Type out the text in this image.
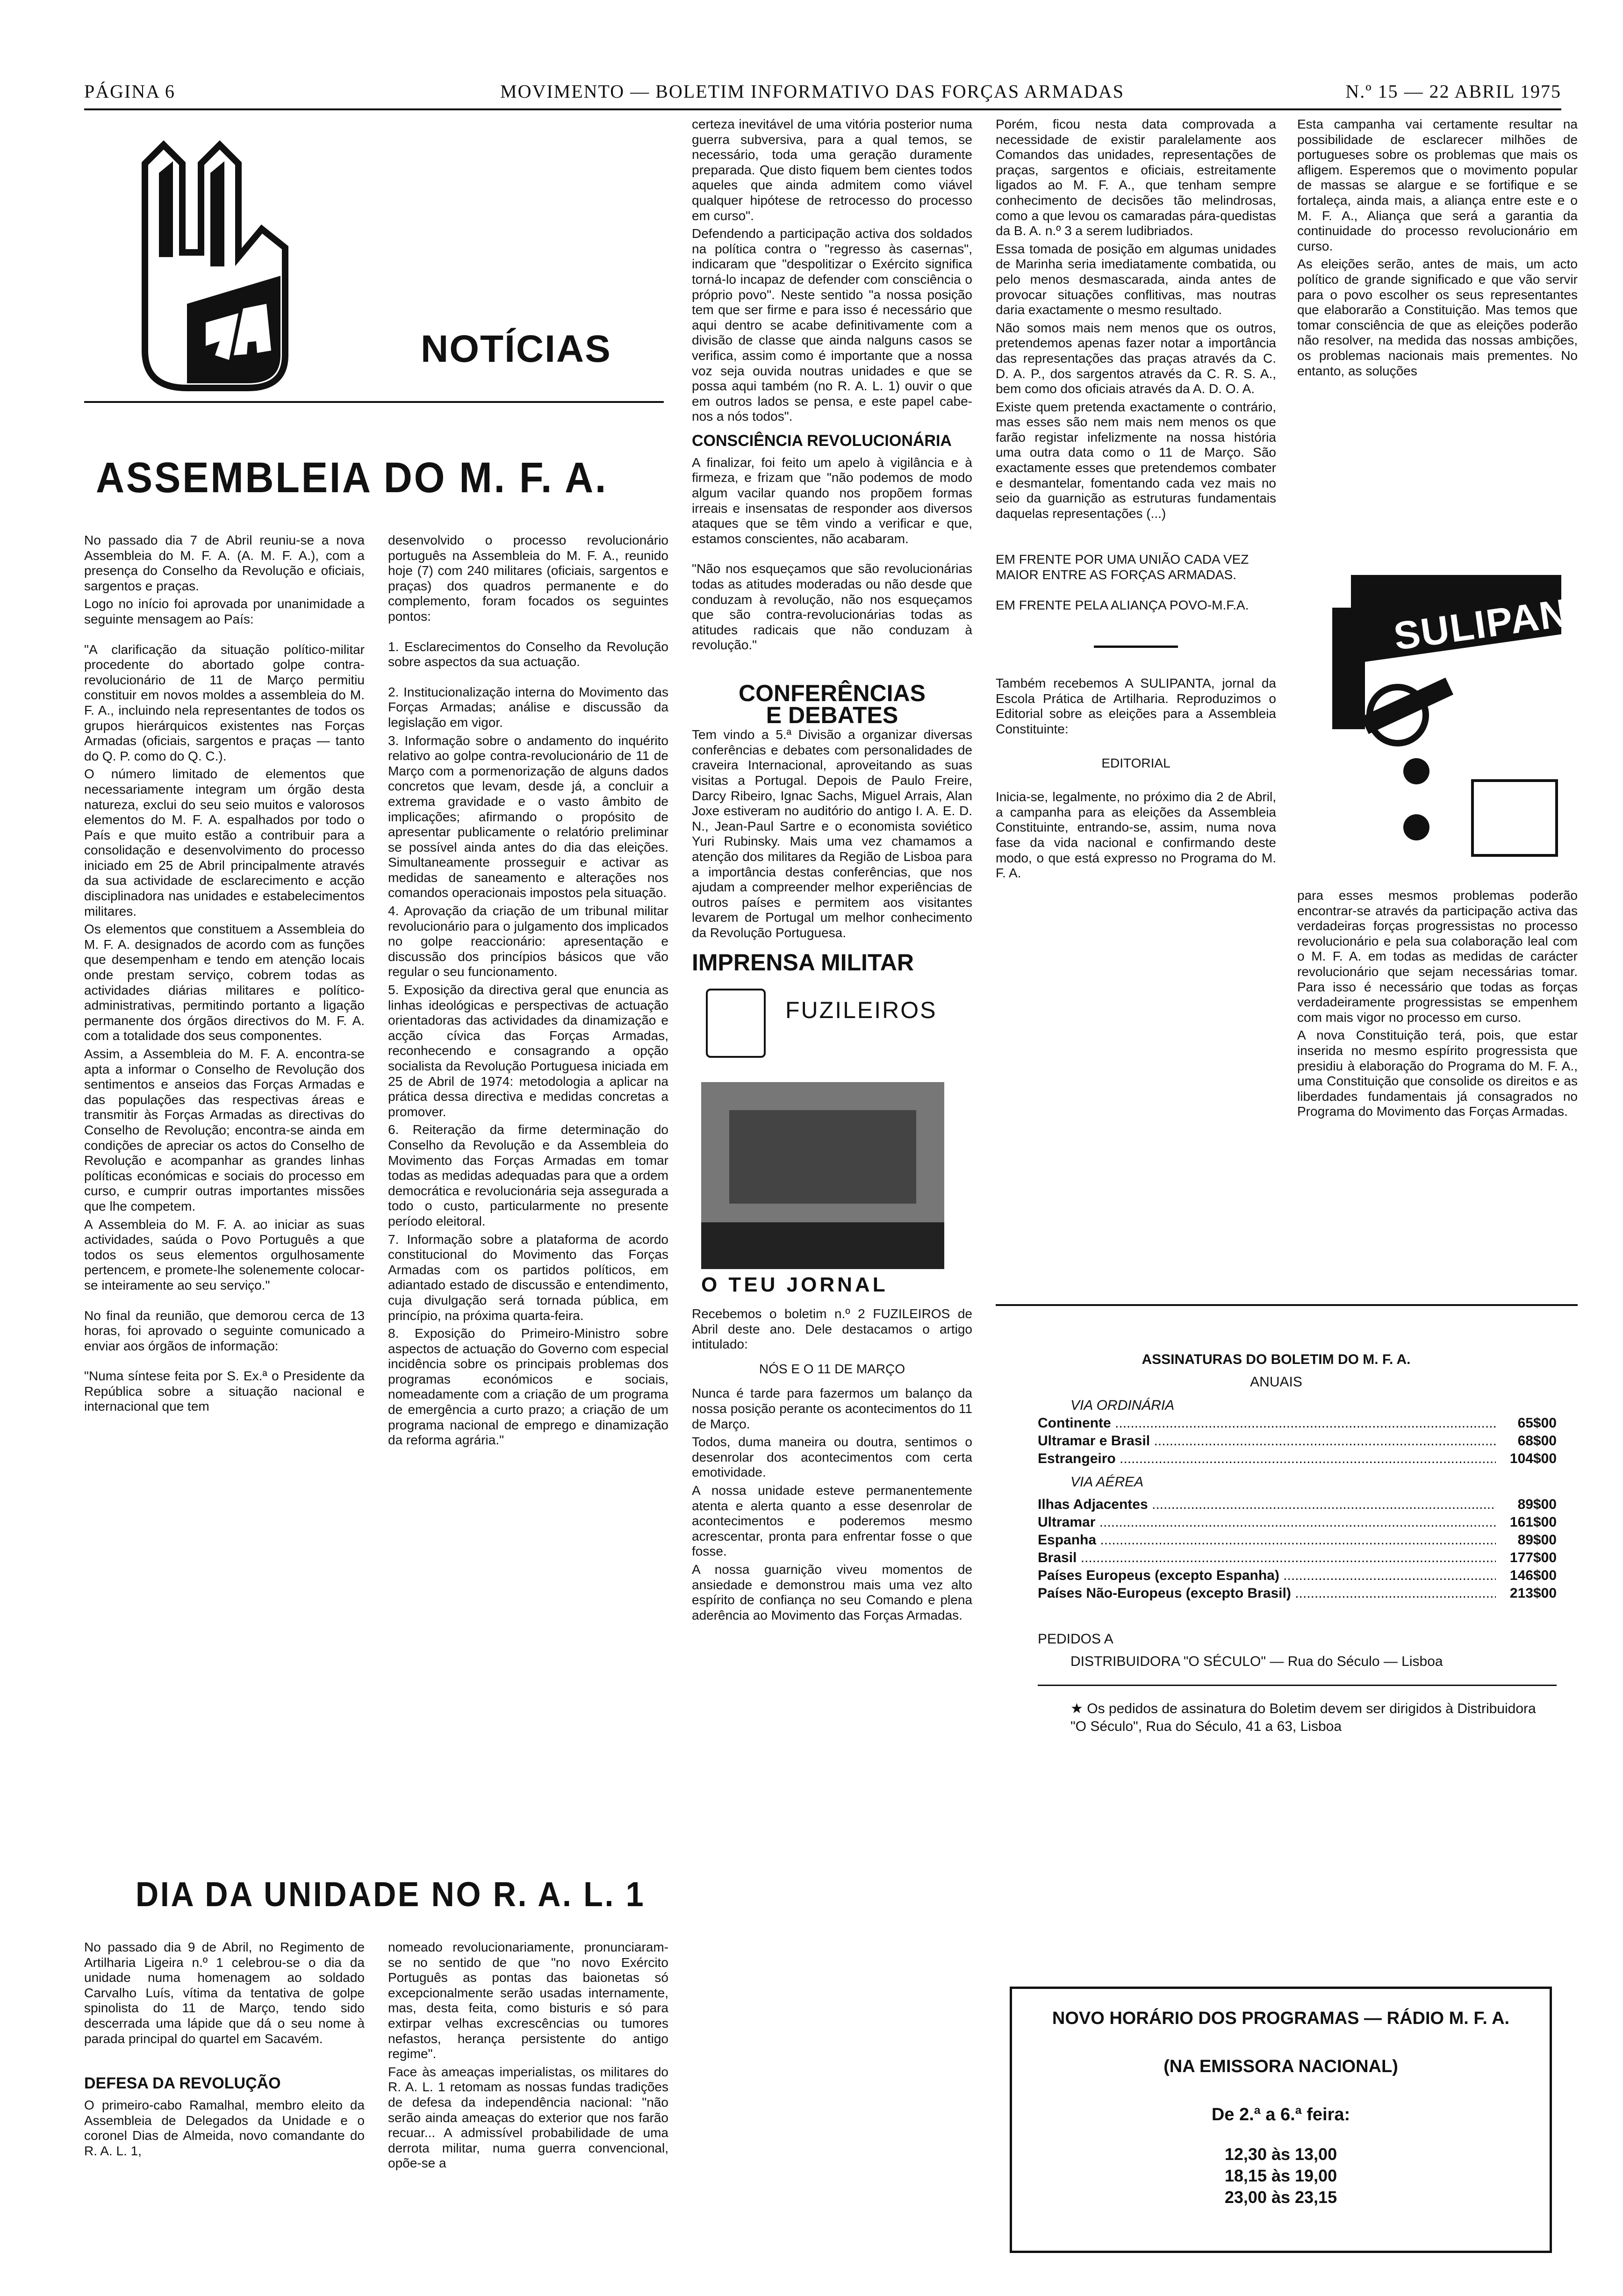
PÁGINA 6	MOVIMENTO — BOLETIM INFORMATIVO DAS FORÇAS ARMADAS	N.º 15 — 22 ABRIL 1975
NOTÍCIAS
ASSEMBLEIA DO M. F. A.

No passado dia 7 de Abril reuniu-se a nova Assembleia do M. F. A. (A. M. F. A.), com a presença do Conselho da Revolução e oficiais, sargentos e praças.

Logo no início foi aprovada por unanimidade a seguinte mensagem ao País:

"A clarificação da situação político-militar procedente do abortado golpe contra-revolucionário de 11 de Março permitiu constituir em novos moldes a assembleia do M. F. A., incluindo nela representantes de todos os grupos hierárquicos existentes nas Forças Armadas (oficiais, sargentos e praças — tanto do Q. P. como do Q. C.).

O número limitado de elementos que necessariamente integram um órgão desta natureza, exclui do seu seio muitos e valorosos elementos do M. F. A. espalhados por todo o País e que muito estão a contribuir para a consolidação e desenvolvimento do processo iniciado em 25 de Abril principalmente através da sua actividade de esclarecimento e acção disciplinadora nas unidades e estabelecimentos militares.

Os elementos que constituem a Assembleia do M. F. A. designados de acordo com as funções que desempenham e tendo em atenção locais onde prestam serviço, cobrem todas as actividades diárias militares e político-administrativas, permitindo portanto a ligação permanente dos órgãos directivos do M. F. A. com a totalidade dos seus componentes.

Assim, a Assembleia do M. F. A. encontra-se apta a informar o Conselho de Revolução dos sentimentos e anseios das Forças Armadas e das populações das respectivas áreas e transmitir às Forças Armadas as directivas do Conselho de Revolução; encontra-se ainda em condições de apreciar os actos do Conselho de Revolução e acompanhar as grandes linhas políticas económicas e sociais do processo em curso, e cumprir outras importantes missões que lhe competem.

A Assembleia do M. F. A. ao iniciar as suas actividades, saúda o Povo Português a que todos os seus elementos orgulhosamente pertencem, e promete-lhe solenemente colocar-se inteiramente ao seu serviço."

No final da reunião, que demorou cerca de 13 horas, foi aprovado o seguinte comunicado a enviar aos órgãos de informação:

"Numa síntese feita por S. Ex.ª o Presidente da República sobre a situação nacional e internacional que tem

desenvolvido o processo revolucionário português na Assembleia do M. F. A., reunido hoje (7) com 240 militares (oficiais, sargentos e praças) dos quadros permanente e do complemento, foram focados os seguintes pontos:

1. Esclarecimentos do Conselho da Revolução sobre aspectos da sua actuação.

2. Institucionalização interna do Movimento das Forças Armadas; análise e discussão da legislação em vigor.

3. Informação sobre o andamento do inquérito relativo ao golpe contra-revolucionário de 11 de Março com a pormenorização de alguns dados concretos que levam, desde já, a concluir a extrema gravidade e o vasto âmbito de implicações; afirmando o propósito de apresentar publicamente o relatório preliminar se possível ainda antes do dia das eleições. Simultaneamente prosseguir e activar as medidas de saneamento e alterações nos comandos operacionais impostos pela situação.

4. Aprovação da criação de um tribunal militar revolucionário para o julgamento dos implicados no golpe reaccionário: apresentação e discussão dos princípios básicos que vão regular o seu funcionamento.

5. Exposição da directiva geral que enuncia as linhas ideológicas e perspectivas de actuação orientadoras das actividades da dinamização e acção cívica das Forças Armadas, reconhecendo e consagrando a opção socialista da Revolução Portuguesa iniciada em 25 de Abril de 1974: metodologia a aplicar na prática dessa directiva e medidas concretas a promover.

6. Reiteração da firme determinação do Conselho da Revolução e da Assembleia do Movimento das Forças Armadas em tomar todas as medidas adequadas para que a ordem democrática e revolucionária seja assegurada a todo o custo, particularmente no presente período eleitoral.

7. Informação sobre a plataforma de acordo constitucional do Movimento das Forças Armadas com os partidos políticos, em adiantado estado de discussão e entendimento, cuja divulgação será tornada pública, em princípio, na próxima quarta-feira.

8. Exposição do Primeiro-Ministro sobre aspectos de actuação do Governo com especial incidência sobre os principais problemas dos programas económicos e sociais, nomeadamente com a criação de um programa de emergência a curto prazo; a criação de um programa nacional de emprego e dinamização da reforma agrária."

DIA DA UNIDADE NO R. A. L. 1

No passado dia 9 de Abril, no Regimento de Artilharia Ligeira n.º 1 celebrou-se o dia da unidade numa homenagem ao soldado Carvalho Luís, vítima da tentativa de golpe spinolista do 11 de Março, tendo sido descerrada uma lápide que dá o seu nome à parada principal do quartel em Sacavém.

DEFESA DA REVOLUÇÃO

O primeiro-cabo Ramalhal, membro eleito da Assembleia de Delegados da Unidade e o coronel Dias de Almeida, novo comandante do R. A. L. 1,

nomeado revolucionariamente, pronunciaram-se no sentido de que "no novo Exército Português as pontas das baionetas só excepcionalmente serão usadas internamente, mas, desta feita, como bisturis e só para extirpar velhas excrescências ou tumores nefastos, herança persistente do antigo regime".

Face às ameaças imperialistas, os militares do R. A. L. 1 retomam as nossas fundas tradições de defesa da independência nacional: "não serão ainda ameaças do exterior que nos farão recuar... A admissível probabilidade de uma derrota militar, numa guerra convencional, opõe-se a

certeza inevitável de uma vitória posterior numa guerra subversiva, para a qual temos, se necessário, toda uma geração duramente preparada. Que disto fiquem bem cientes todos aqueles que ainda admitem como viável qualquer hipótese de retrocesso do processo em curso".

Defendendo a participação activa dos soldados na política contra o "regresso às casernas", indicaram que "despolitizar o Exército significa torná-lo incapaz de defender com consciência o próprio povo". Neste sentido "a nossa posição tem que ser firme e para isso é necessário que aqui dentro se acabe definitivamente com a divisão de classe que ainda nalguns casos se verifica, assim como é importante que a nossa voz seja ouvida noutras unidades e que se possa aqui também (no R. A. L. 1) ouvir o que em outros lados se pensa, e este papel cabe-nos a nós todos".

CONSCIÊNCIA REVOLUCIONÁRIA

A finalizar, foi feito um apelo à vigilância e à firmeza, e frizam que "não podemos de modo algum vacilar quando nos propõem formas irreais e insensatas de responder aos diversos ataques que se têm vindo a verificar e que, estamos conscientes, não acabaram.

"Não nos esqueçamos que são revolucionárias todas as atitudes moderadas ou não desde que conduzam à revolução, não nos esqueçamos que são contra-revolucionárias todas as atitudes radicais que não conduzam à revolução."

CONFERÊNCIAS
E DEBATES

Tem vindo a 5.ª Divisão a organizar diversas conferências e debates com personalidades de craveira Internacional, aproveitando as suas visitas a Portugal. Depois de Paulo Freire, Darcy Ribeiro, Ignac Sachs, Miguel Arrais, Alan Joxe estiveram no auditório do antigo I. A. E. D. N., Jean-Paul Sartre e o economista soviético Yuri Rubinsky. Mais uma vez chamamos a atenção dos militares da Região de Lisboa para a importância destas conferências, que nos ajudam a compreender melhor experiências de outros países e permitem aos visitantes levarem de Portugal um melhor conhecimento da Revolução Portuguesa.

IMPRENSA MILITAR
FUZILEIROS
O TEU JORNAL

Recebemos o boletim n.º 2 FUZILEIROS de Abril deste ano. Dele destacamos o artigo intitulado:

NÓS E O 11 DE MARÇO

Nunca é tarde para fazermos um balanço da nossa posição perante os acontecimentos do 11 de Março.

Todos, duma maneira ou doutra, sentimos o desenrolar dos acontecimentos com certa emotividade.

A nossa unidade esteve permanentemente atenta e alerta quanto a esse desenrolar de acontecimentos e poderemos mesmo acrescentar, pronta para enfrentar fosse o que fosse.

A nossa guarnição viveu momentos de ansiedade e demonstrou mais uma vez alto espírito de confiança no seu Comando e plena aderência ao Movimento das Forças Armadas.

Porém, ficou nesta data comprovada a necessidade de existir paralelamente aos Comandos das unidades, representações de praças, sargentos e oficiais, estreitamente ligados ao M. F. A., que tenham sempre conhecimento de decisões tão melindrosas, como a que levou os camaradas pára-quedistas da B. A. n.º 3 a serem ludibriados.

Essa tomada de posição em algumas unidades de Marinha seria imediatamente combatida, ou pelo menos desmascarada, ainda antes de provocar situações conflitivas, mas noutras daria exactamente o mesmo resultado.

Não somos mais nem menos que os outros, pretendemos apenas fazer notar a importância das representações das praças através da C. D. A. P., dos sargentos através da C. R. S. A., bem como dos oficiais através da A. D. O. A.

Existe quem pretenda exactamente o contrário, mas esses são nem mais nem menos os que farão registar infelizmente na nossa história uma outra data como o 11 de Março. São exactamente esses que pretendemos combater e desmantelar, fomentando cada vez mais no seio da guarnição as estruturas fundamentais daquelas representações (...)

EM FRENTE POR UMA UNIÃO CADA VEZ MAIOR ENTRE AS FORÇAS ARMADAS.

EM FRENTE PELA ALIANÇA POVO-M.F.A.

Também recebemos A SULIPANTA, jornal da Escola Prática de Artilharia. Reproduzimos o Editorial sobre as eleições para a Assembleia Constituinte:

EDITORIAL

Inicia-se, legalmente, no próximo dia 2 de Abril, a campanha para as eleições da Assembleia Constituinte, entrando-se, assim, numa nova fase da vida nacional e confirmando deste modo, o que está expresso no Programa do M. F. A.

Esta campanha vai certamente resultar na possibilidade de esclarecer milhões de portugueses sobre os problemas que mais os afligem. Esperemos que o movimento popular de massas se alargue e se fortifique e se fortaleça, ainda mais, a aliança entre este e o M. F. A., Aliança que será a garantia da continuidade do processo revolucionário em curso.

As eleições serão, antes de mais, um acto político de grande significado e que vão servir para o povo escolher os seus representantes que elaborarão a Constituição. Mas temos que tomar consciência de que as eleições poderão não resolver, na medida das nossas ambições, os problemas nacionais mais prementes. No entanto, as soluções

SULIPANTA

para esses mesmos problemas poderão encontrar-se através da participação activa das verdadeiras forças progressistas no processo revolucionário e pela sua colaboração leal com o M. F. A. em todas as medidas de carácter revolucionário que sejam necessárias tomar. Para isso é necessário que todas as forças verdadeiramente progressistas se empenhem com mais vigor no processo em curso.

A nova Constituição terá, pois, que estar inserida no mesmo espírito progressista que presidiu à elaboração do Programa do M. F. A., uma Constituição que consolide os direitos e as liberdades fundamentais já consagrados no Programa do Movimento das Forças Armadas.

ASSINATURAS DO BOLETIM DO M. F. A.
ANUAIS
VIA ORDINÁRIA
Continente .....	65$00
Ultramar e Brasil .....	68$00
Estrangeiro .....	104$00
VIA AÉREA
Ilhas Adjacentes .....	89$00
Ultramar .....	161$00
Espanha .....	89$00
Brasil .....	177$00
Países Europeus (excepto Espanha) .....	146$00
Países Não-Europeus (excepto Brasil) .....	213$00
PEDIDOS A
DISTRIBUIDORA "O SÉCULO" — Rua do Século — Lisboa
★ Os pedidos de assinatura do Boletim devem ser dirigidos à Distribuidora "O Século", Rua do Século, 41 a 63, Lisboa
NOVO HORÁRIO DOS PROGRAMAS — RÁDIO M. F. A.
(NA EMISSORA NACIONAL)
De 2.ª a 6.ª feira:
12,30 às 13,00
18,15 às 19,00
23,00 às 23,15
